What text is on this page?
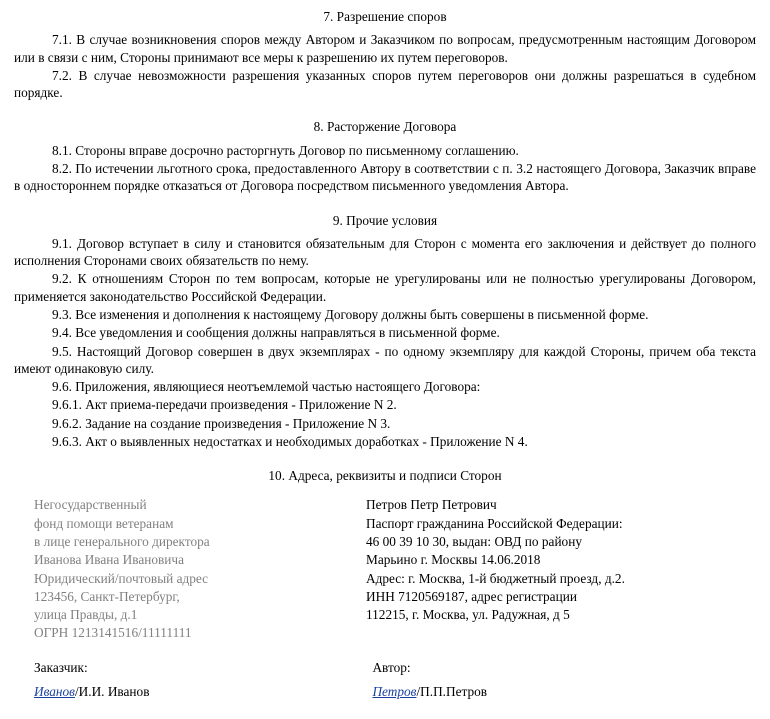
7. Разрешение споров

7.1. В случае возникновения споров между Автором и Заказчиком по вопросам, предусмотренным настоящим Договором или в связи с ним, Стороны принимают все меры к разрешению их путем переговоров.

7.2. В случае невозможности разрешения указанных споров путем переговоров они должны разрешаться в судебном порядке.

8. Расторжение Договора

8.1. Стороны вправе досрочно расторгнуть Договор по письменному соглашению.

8.2. По истечении льготного срока, предоставленного Автору в соответствии с п. 3.2 настоящего Договора, Заказчик вправе в одностороннем порядке отказаться от Договора посредством письменного уведомления Автора.

9. Прочие условия

9.1. Договор вступает в силу и становится обязательным для Сторон с момента его заключения и действует до полного исполнения Сторонами своих обязательств по нему.

9.2. К отношениям Сторон по тем вопросам, которые не урегулированы или не полностью урегулированы Договором, применяется законодательство Российской Федерации.

9.3. Все изменения и дополнения к настоящему Договору должны быть совершены в письменной форме.

9.4. Все уведомления и сообщения должны направляться в письменной форме.

9.5. Настоящий Договор совершен в двух экземплярах - по одному экземпляру для каждой Стороны, причем оба текста имеют одинаковую силу.

9.6. Приложения, являющиеся неотъемлемой частью настоящего Договора:

9.6.1. Акт приема-передачи произведения - Приложение N 2.

9.6.2. Задание на создание произведения - Приложение N 3.

9.6.3. Акт о выявленных недостатках и необходимых доработках - Приложение N 4.

10. Адреса, реквизиты и подписи Сторон

Негосударственный

фонд помощи ветеранам

в лице генерального директора

Иванова Ивана Ивановича

Юридический/почтовый адрес

123456, Санкт-Петербург,

улица Правды, д.1

ОГРН 1213141516/11111111

Петров Петр Петрович

Паспорт гражданина Российской Федерации:

46 00 39 10 30, выдан: ОВД по району

Марьино г. Москвы 14.06.2018

Адрес: г. Москва, 1-й бюджетный проезд, д.2.

ИНН 7120569187, адрес регистрации

112215, г. Москва, ул. Радужная, д 5

Заказчик:

Иванов/И.И. Иванов

Автор:

Петров/П.П.Петров
